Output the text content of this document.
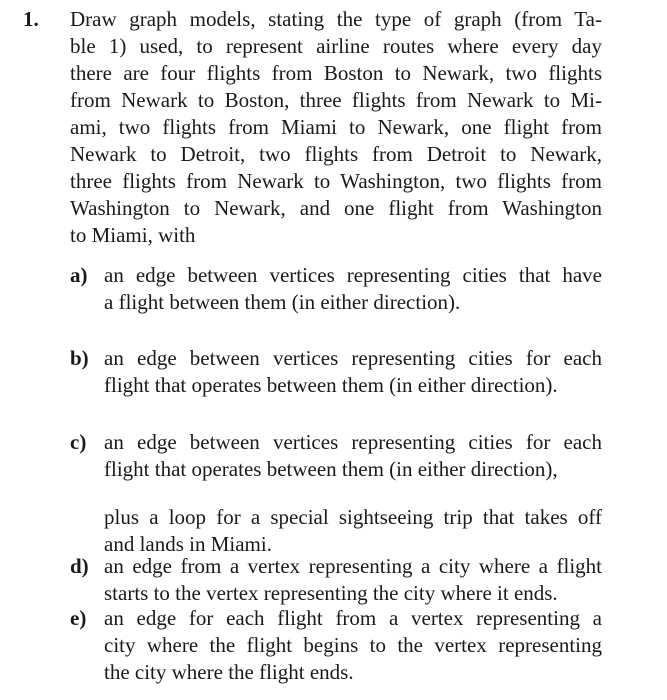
1. Draw graph models, stating the type of graph (from Ta-
ble 1) used, to represent airline routes where every day
there are four flights from Boston to Newark, two flights
from Newark to Boston, three flights from Newark to Mi-
ami, two flights from Miami to Newark, one flight from
Newark to Detroit, two flights from Detroit to Newark,
three flights from Newark to Washington, two flights from
Washington to Newark, and one flight from Washington
to Miami, with
a) an edge between vertices representing cities that have
a flight between them (in either direction).
b) an edge between vertices representing cities for each
flight that operates between them (in either direction).
c) an edge between vertices representing cities for each
flight that operates between them (in either direction),
plus a loop for a special sightseeing trip that takes off
and lands in Miami.
d) an edge from a vertex representing a city where a flight
starts to the vertex representing the city where it ends.
e) an edge for each flight from a vertex representing a
city where the flight begins to the vertex representing
the city where the flight ends.
